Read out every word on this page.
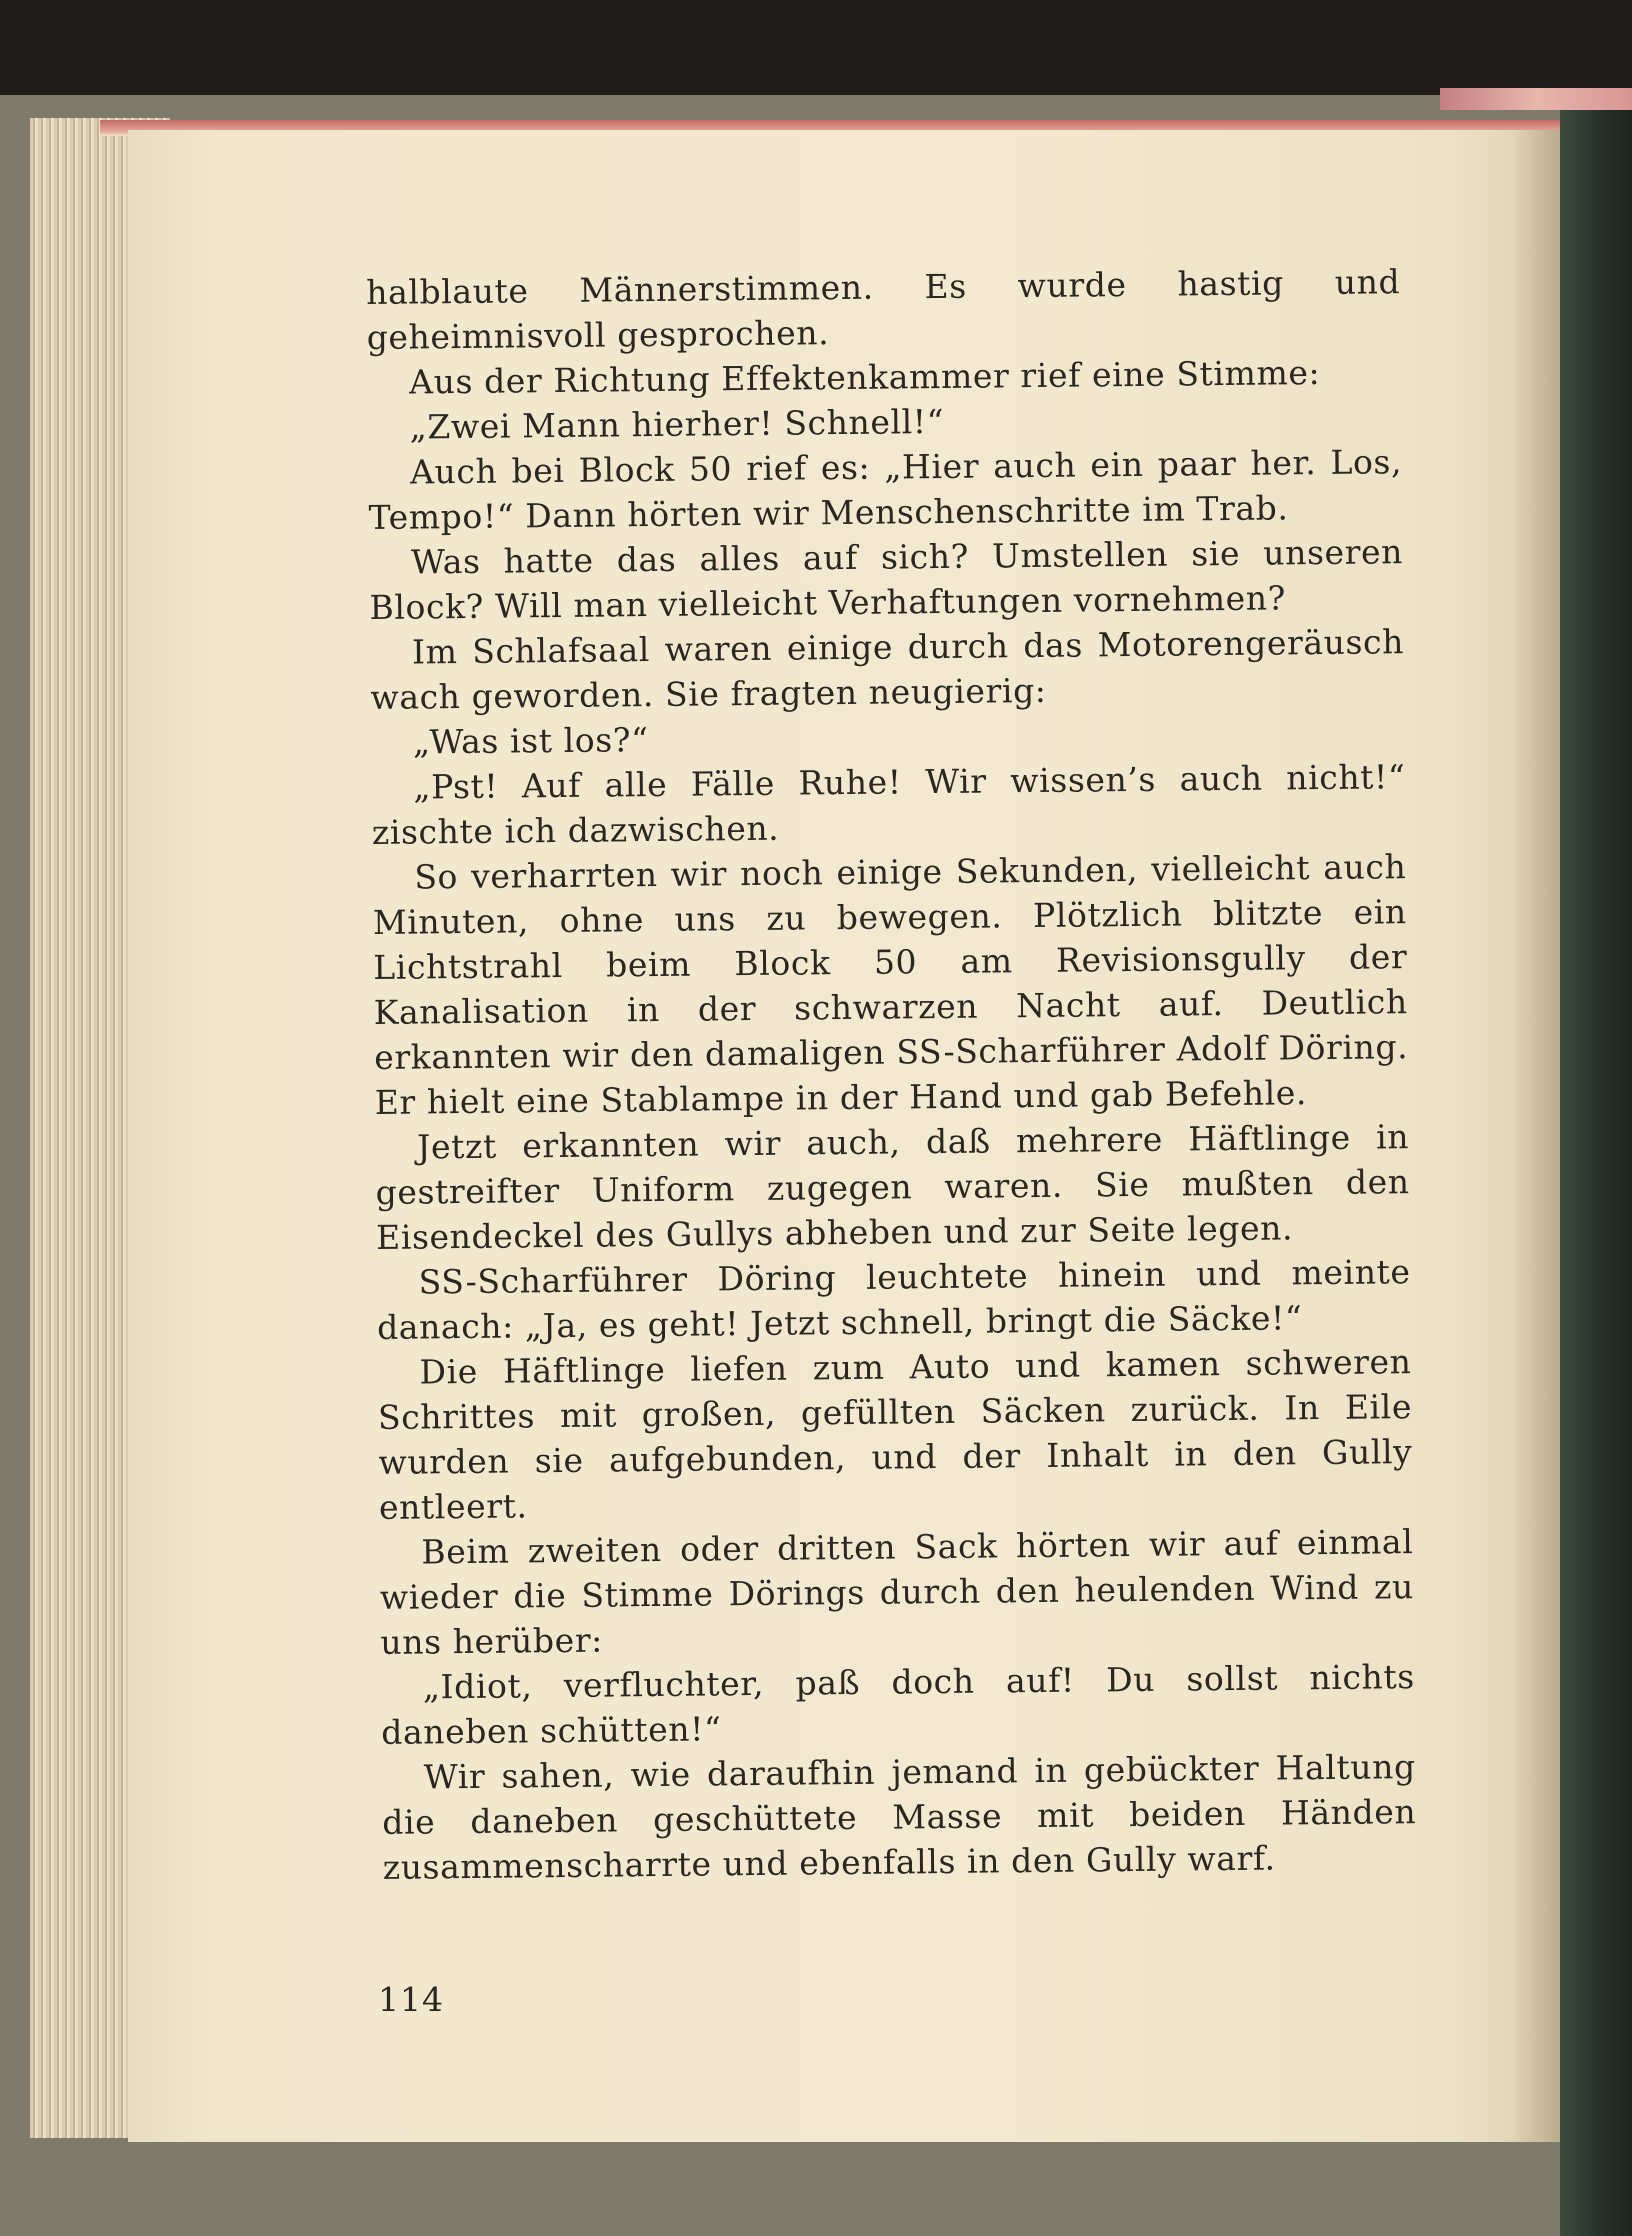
halblaute Männerstimmen. Es wurde hastig und geheimnisvoll gesprochen.

Aus der Richtung Effektenkammer rief eine Stimme:

„Zwei Mann hierher! Schnell!“

Auch bei Block 50 rief es: „Hier auch ein paar her. Los, Tempo!“ Dann hörten wir Menschenschritte im Trab.

Was hatte das alles auf sich? Umstellen sie unseren Block? Will man vielleicht Verhaftungen vornehmen?

Im Schlafsaal waren einige durch das Motorengeräusch wach geworden. Sie fragten neugierig:

„Was ist los?“

„Pst! Auf alle Fälle Ruhe! Wir wissen’s auch nicht!“ zischte ich dazwischen.

So verharrten wir noch einige Sekunden, vielleicht auch Minuten, ohne uns zu bewegen. Plötzlich blitzte ein Lichtstrahl beim Block 50 am Revisionsgully der Kanalisation in der schwarzen Nacht auf. Deutlich erkannten wir den damaligen SS-Scharführer Adolf Döring. Er hielt eine Stablampe in der Hand und gab Befehle.

Jetzt erkannten wir auch, daß mehrere Häftlinge in gestreifter Uniform zugegen waren. Sie mußten den Eisendeckel des Gullys abheben und zur Seite legen.

SS-Scharführer Döring leuchtete hinein und meinte danach: „Ja, es geht! Jetzt schnell, bringt die Säcke!“

Die Häftlinge liefen zum Auto und kamen schweren Schrittes mit großen, gefüllten Säcken zurück. In Eile wurden sie aufgebunden, und der Inhalt in den Gully entleert.

Beim zweiten oder dritten Sack hörten wir auf einmal wieder die Stimme Dörings durch den heulenden Wind zu uns herüber:

„Idiot, verfluchter, paß doch auf! Du sollst nichts daneben schütten!“

Wir sahen, wie daraufhin jemand in gebückter Haltung die daneben geschüttete Masse mit beiden Händen zusammenscharrte und ebenfalls in den Gully warf.

114
